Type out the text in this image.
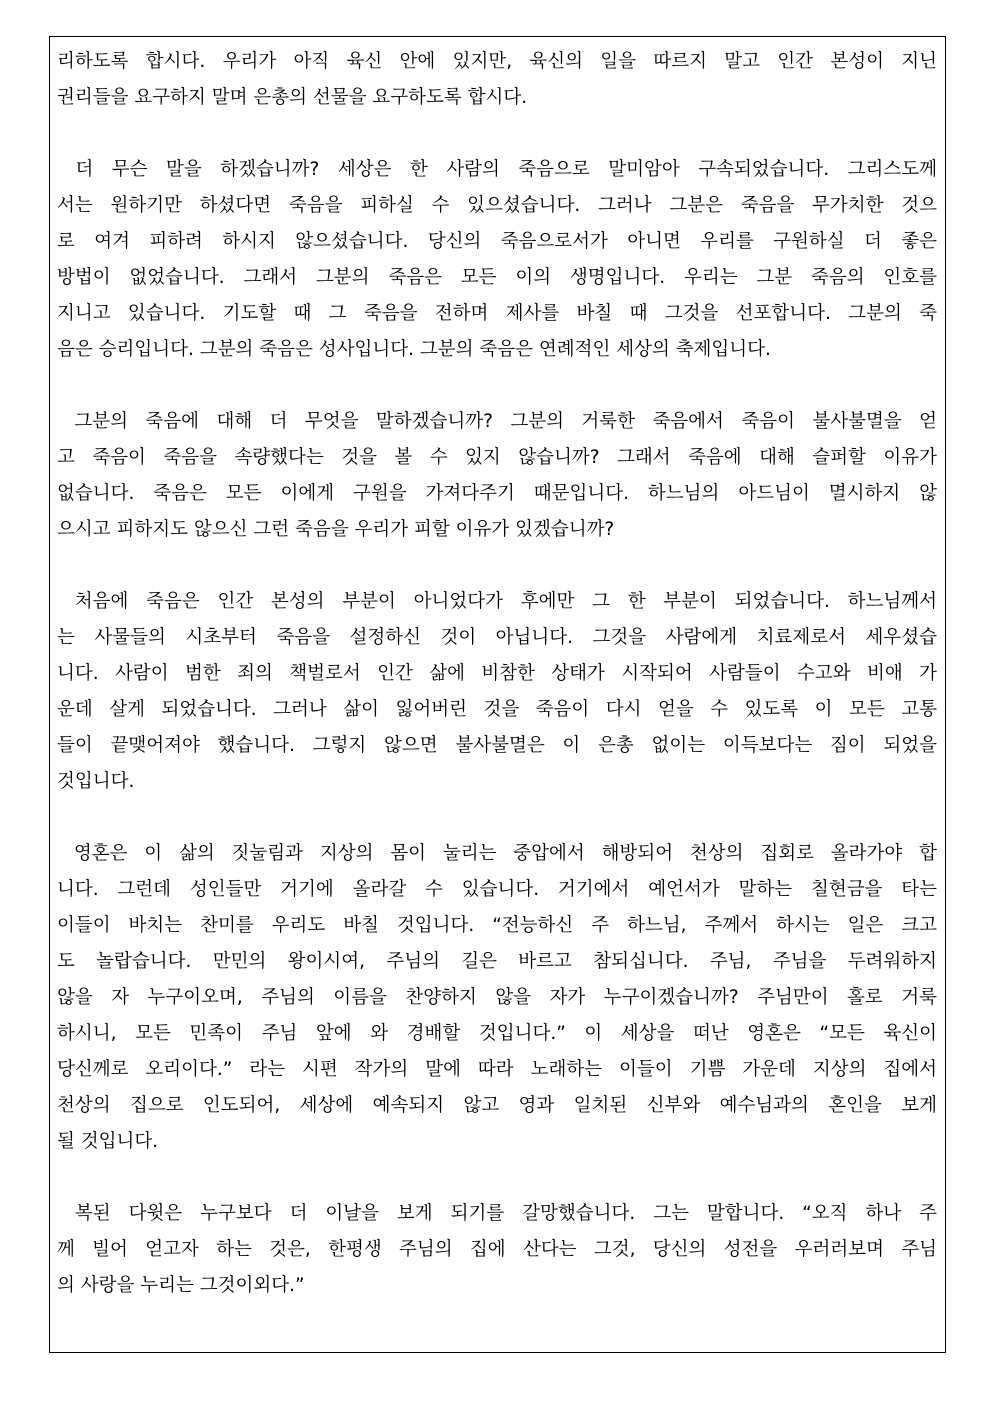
리하도록 합시다. 우리가 아직 육신 안에 있지만, 육신의 일을 따르지 말고 인간 본성이 지닌
권리들을 요구하지 말며 은총의 선물을 요구하도록 합시다.
더 무슨 말을 하겠습니까? 세상은 한 사람의 죽음으로 말미암아 구속되었습니다. 그리스도께
서는 원하기만 하셨다면 죽음을 피하실 수 있으셨습니다. 그러나 그분은 죽음을 무가치한 것으
로 여겨 피하려 하시지 않으셨습니다. 당신의 죽음으로서가 아니면 우리를 구원하실 더 좋은
방법이 없었습니다. 그래서 그분의 죽음은 모든 이의 생명입니다. 우리는 그분 죽음의 인호를
지니고 있습니다. 기도할 때 그 죽음을 전하며 제사를 바칠 때 그것을 선포합니다. 그분의 죽
음은 승리입니다. 그분의 죽음은 성사입니다. 그분의 죽음은 연례적인 세상의 축제입니다.
그분의 죽음에 대해 더 무엇을 말하겠습니까? 그분의 거룩한 죽음에서 죽음이 불사불멸을 얻
고 죽음이 죽음을 속량했다는 것을 볼 수 있지 않습니까? 그래서 죽음에 대해 슬퍼할 이유가
없습니다. 죽음은 모든 이에게 구원을 가져다주기 때문입니다. 하느님의 아드님이 멸시하지 않
으시고 피하지도 않으신 그런 죽음을 우리가 피할 이유가 있겠습니까?
처음에 죽음은 인간 본성의 부분이 아니었다가 후에만 그 한 부분이 되었습니다. 하느님께서
는 사물들의 시초부터 죽음을 설정하신 것이 아닙니다. 그것을 사람에게 치료제로서 세우셨습
니다. 사람이 범한 죄의 책벌로서 인간 삶에 비참한 상태가 시작되어 사람들이 수고와 비애 가
운데 살게 되었습니다. 그러나 삶이 잃어버린 것을 죽음이 다시 얻을 수 있도록 이 모든 고통
들이 끝맺어져야 했습니다. 그렇지 않으면 불사불멸은 이 은총 없이는 이득보다는 짐이 되었을
것입니다.
영혼은 이 삶의 짓눌림과 지상의 몸이 눌리는 중압에서 해방되어 천상의 집회로 올라가야 합
니다. 그런데 성인들만 거기에 올라갈 수 있습니다. 거기에서 예언서가 말하는 칠현금을 타는
이들이 바치는 찬미를 우리도 바칠 것입니다. “전능하신 주 하느님, 주께서 하시는 일은 크고
도 놀랍습니다. 만민의 왕이시여, 주님의 길은 바르고 참되십니다. 주님, 주님을 두려워하지
않을 자 누구이오며, 주님의 이름을 찬양하지 않을 자가 누구이겠습니까? 주님만이 홀로 거룩
하시니, 모든 민족이 주님 앞에 와 경배할 것입니다.” 이 세상을 떠난 영혼은 “모든 육신이
당신께로 오리이다.” 라는 시편 작가의 말에 따라 노래하는 이들이 기쁨 가운데 지상의 집에서
천상의 집으로 인도되어, 세상에 예속되지 않고 영과 일치된 신부와 예수님과의 혼인을 보게
될 것입니다.
복된 다윗은 누구보다 더 이날을 보게 되기를 갈망했습니다. 그는 말합니다. “오직 하나 주
께 빌어 얻고자 하는 것은, 한평생 주님의 집에 산다는 그것, 당신의 성전을 우러러보며 주님
의 사랑을 누리는 그것이외다.”
